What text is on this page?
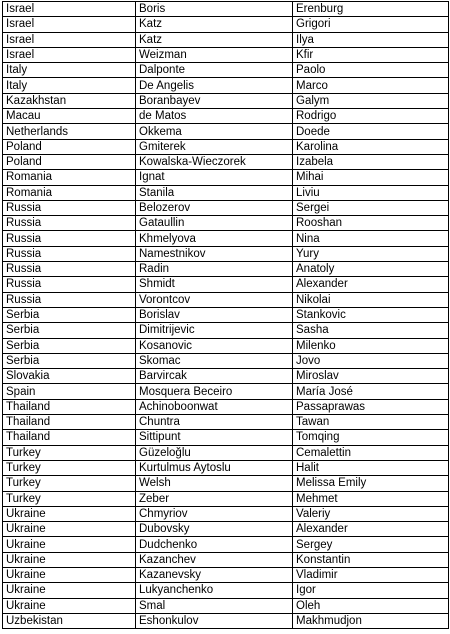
Israel	Boris	Erenburg
Israel	Katz	Grigori
Israel	Katz	Ilya
Israel	Weizman	Kfir
Italy	Dalponte	Paolo
Italy	De Angelis	Marco
Kazakhstan	Boranbayev	Galym
Macau	de Matos	Rodrigo
Netherlands	Okkema	Doede
Poland	Gmiterek	Karolina
Poland	Kowalska-Wieczorek	Izabela
Romania	Ignat	Mihai
Romania	Stanila	Liviu
Russia	Belozerov	Sergei
Russia	Gataullin	Rooshan
Russia	Khmelyova	Nina
Russia	Namestnikov	Yury
Russia	Radin	Anatoly
Russia	Shmidt	Alexander
Russia	Vorontcov	Nikolai
Serbia	Borislav	Stankovic
Serbia	Dimitrijevic	Sasha
Serbia	Kosanovic	Milenko
Serbia	Skomac	Jovo
Slovakia	Barvircak	Miroslav
Spain	Mosquera Beceiro	María José
Thailand	Achinoboonwat	Passaprawas
Thailand	Chuntra	Tawan
Thailand	Sittipunt	Tomqing
Turkey	Güzeloğlu	Cemalettin
Turkey	Kurtulmus Aytoslu	Halit
Turkey	Welsh	Melissa Emily
Turkey	Zeber	Mehmet
Ukraine	Chmyriov	Valeriy
Ukraine	Dubovsky	Alexander
Ukraine	Dudchenko	Sergey
Ukraine	Kazanchev	Konstantin
Ukraine	Kazanevsky	Vladimir
Ukraine	Lukyanchenko	Igor
Ukraine	Smal	Oleh
Uzbekistan	Eshonkulov	Makhmudjon
